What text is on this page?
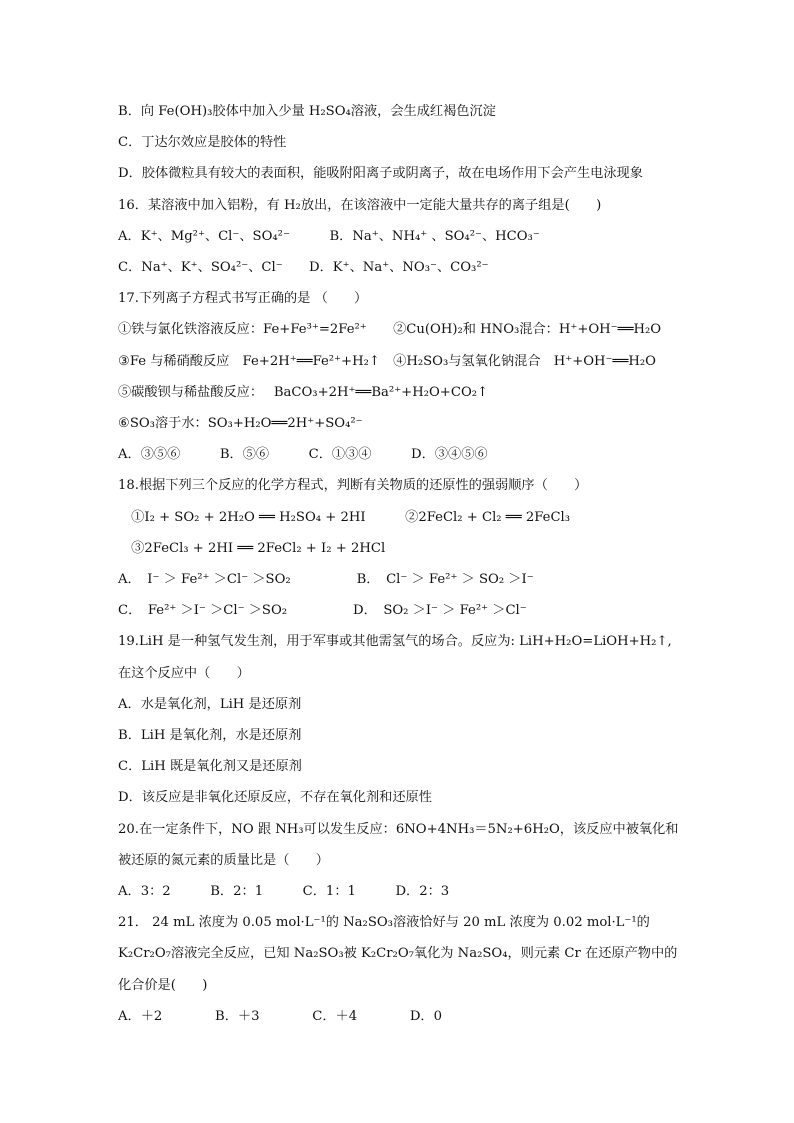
B．向 Fe(OH)₃胶体中加入少量 H₂SO₄溶液，会生成红褐色沉淀
C．丁达尔效应是胶体的特性
D．胶体微粒具有较大的表面积，能吸附阳离子或阴离子，故在电场作用下会产生电泳现象
16．某溶液中加入铝粉，有 H₂放出，在该溶液中一定能大量共存的离子组是(　　)
A．K⁺、Mg²⁺、Cl⁻、SO₄²⁻　　　B．Na⁺、NH₄⁺ 、SO₄²⁻、HCO₃⁻
C．Na⁺、K⁺、SO₄²⁻、Cl⁻　　D．K⁺、Na⁺、NO₃⁻、CO₃²⁻
17.下列离子方程式书写正确的是 （　　）
①铁与氯化铁溶液反应：Fe+Fe³⁺=2Fe²⁺　　②Cu(OH)₂和 HNO₃混合：H⁺+OH⁻══H₂O
③Fe 与稀硝酸反应　Fe+2H⁺══Fe²⁺+H₂↑　④H₂SO₃与氢氧化钠混合　H⁺+OH⁻══H₂O
⑤碳酸钡与稀盐酸反应：　 BaCO₃+2H⁺══Ba²⁺+H₂O+CO₂↑
⑥SO₃溶于水：SO₃+H₂O══2H⁺+SO₄²⁻
A．③⑤⑥　　　B．⑤⑥　　　C．①③④　　　D．③④⑤⑥
18.根据下列三个反应的化学方程式，判断有关物质的还原性的强弱顺序（　　）
　①I₂ + SO₂ + 2H₂O ══ H₂SO₄ + 2HI　　　②2FeCl₂ + Cl₂ ══ 2FeCl₃
　③2FeCl₃ + 2HI ══ 2FeCl₂ + I₂ + 2HCl
A．　I⁻ ＞ Fe²⁺ ＞Cl⁻ ＞SO₂　　　　　B．　Cl⁻ ＞ Fe²⁺ ＞ SO₂ ＞I⁻
C．　Fe²⁺ ＞I⁻ ＞Cl⁻ ＞SO₂　　　　　D．　SO₂ ＞I⁻ ＞ Fe²⁺ ＞Cl⁻
19.LiH 是一种氢气发生剂，用于军事或其他需氢气的场合。反应为: LiH+H₂O=LiOH+H₂↑,
在这个反应中（　　）
A．水是氧化剂，LiH 是还原剂
B．LiH 是氧化剂，水是还原剂
C．LiH 既是氧化剂又是还原剂
D．该反应是非氧化还原反应，不存在氧化剂和还原性
20.在一定条件下，NO 跟 NH₃可以发生反应：6NO+4NH₃＝5N₂+6H₂O，该反应中被氧化和
被还原的氮元素的质量比是（　　）
A．3：2　　　B．2：1　　　C．1：1　　　D．2：3
21． 24 mL 浓度为 0.05 mol·L⁻¹的 Na₂SO₃溶液恰好与 20 mL 浓度为 0.02 mol·L⁻¹的
K₂Cr₂O₇溶液完全反应，已知 Na₂SO₃被 K₂Cr₂O₇氧化为 Na₂SO₄，则元素 Cr 在还原产物中的
化合价是(　　)
A．＋2　　　　B．＋3　　　　C．＋4　　　　D．0
